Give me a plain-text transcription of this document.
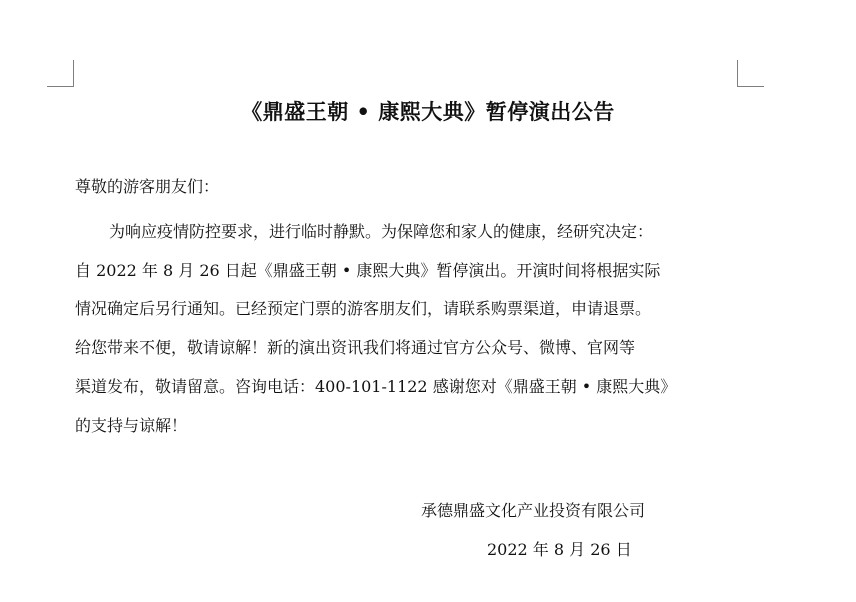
《鼎盛王朝 • 康熙大典》暂停演出公告
尊敬的游客朋友们：
为响应疫情防控要求，进行临时静默。为保障您和家人的健康，经研究决定：
自 2022 年 8 月 26 日起《鼎盛王朝 • 康熙大典》暂停演出。开演时间将根据实际
情况确定后另行通知。已经预定门票的游客朋友们，请联系购票渠道，申请退票。
给您带来不便，敬请谅解！新的演出资讯我们将通过官方公众号、微博、官网等
渠道发布，敬请留意。咨询电话：400-101-1122 感谢您对《鼎盛王朝 • 康熙大典》
的支持与谅解！
承德鼎盛文化产业投资有限公司
2022 年 8 月 26 日
